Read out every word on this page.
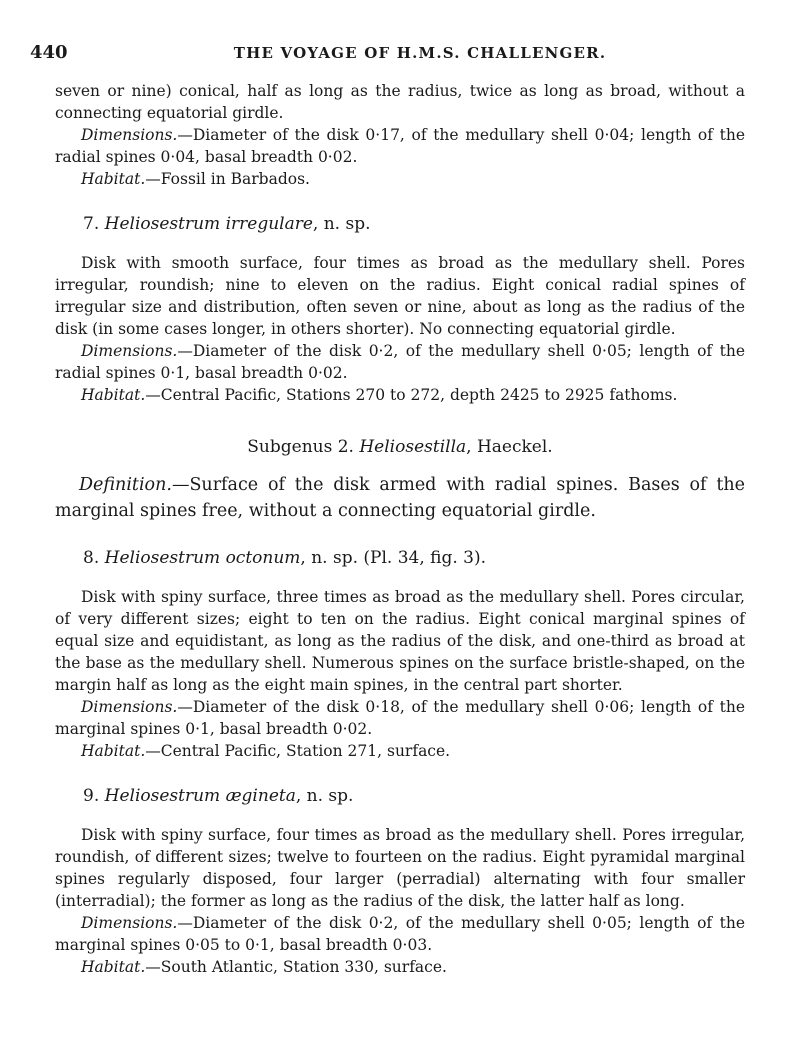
440	THE VOYAGE OF H.M.S. CHALLENGER.

seven or nine) conical, half as long as the radius, twice as long as broad, without a connecting equatorial girdle.

Dimensions.—Diameter of the disk 0·17, of the medullary shell 0·04; length of the radial spines 0·04, basal breadth 0·02.

Habitat.—Fossil in Barbados.

7. Heliosestrum irregulare, n. sp.

Disk with smooth surface, four times as broad as the medullary shell. Pores irregular, roundish; nine to eleven on the radius. Eight conical radial spines of irregular size and distribution, often seven or nine, about as long as the radius of the disk (in some cases longer, in others shorter). No connecting equatorial girdle.

Dimensions.—Diameter of the disk 0·2, of the medullary shell 0·05; length of the radial spines 0·1, basal breadth 0·02.

Habitat.—Central Pacific, Stations 270 to 272, depth 2425 to 2925 fathoms.

Subgenus 2. Heliosestilla, Haeckel.

Definition.—Surface of the disk armed with radial spines. Bases of the marginal spines free, without a connecting equatorial girdle.

8. Heliosestrum octonum, n. sp. (Pl. 34, fig. 3).

Disk with spiny surface, three times as broad as the medullary shell. Pores circular, of very different sizes; eight to ten on the radius. Eight conical marginal spines of equal size and equidistant, as long as the radius of the disk, and one-third as broad at the base as the medullary shell. Numerous spines on the surface bristle-shaped, on the margin half as long as the eight main spines, in the central part shorter.

Dimensions.—Diameter of the disk 0·18, of the medullary shell 0·06; length of the marginal spines 0·1, basal breadth 0·02.

Habitat.—Central Pacific, Station 271, surface.

9. Heliosestrum ægineta, n. sp.

Disk with spiny surface, four times as broad as the medullary shell. Pores irregular, roundish, of different sizes; twelve to fourteen on the radius. Eight pyramidal marginal spines regularly disposed, four larger (perradial) alternating with four smaller (interradial); the former as long as the radius of the disk, the latter half as long.

Dimensions.—Diameter of the disk 0·2, of the medullary shell 0·05; length of the marginal spines 0·05 to 0·1, basal breadth 0·03.

Habitat.—South Atlantic, Station 330, surface.
